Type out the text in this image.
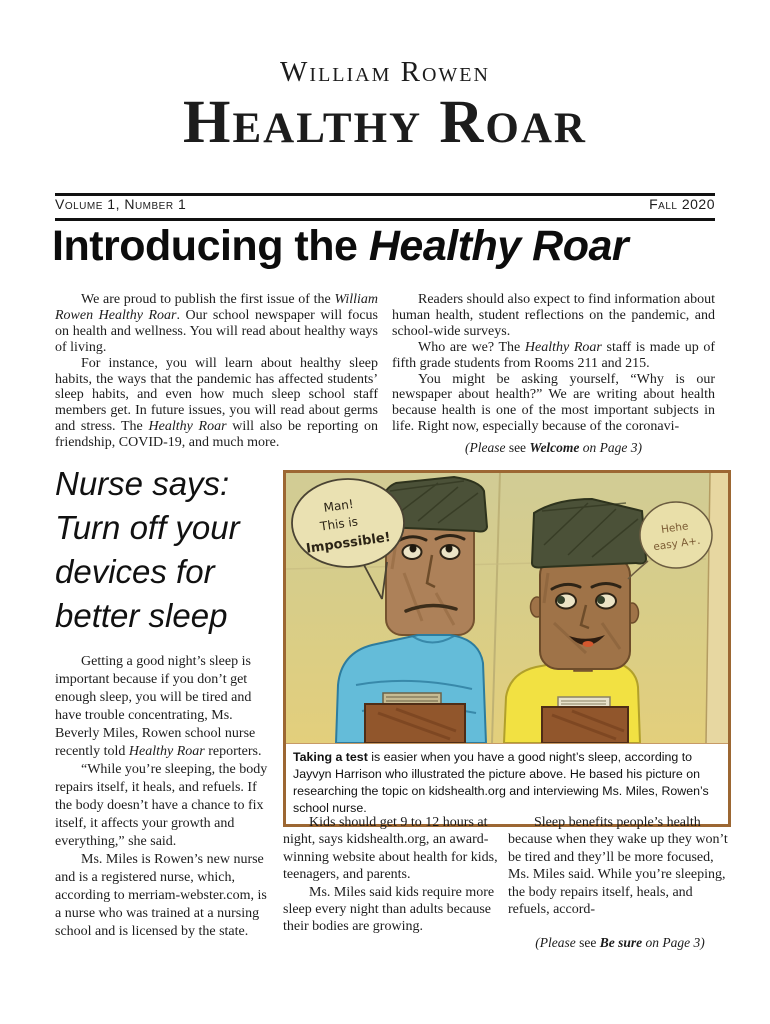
William Rowen
Healthy Roar
Volume 1, Number 1	Fall 2020
Introducing the Healthy Roar

We are proud to publish the first issue of the William Rowen Healthy Roar. Our school newspaper will focus on health and wellness. You will read about healthy ways of living.

For instance, you will learn about healthy sleep habits, the ways that the pandemic has affected students’ sleep habits, and even how much sleep school staff members get. In future issues, you will read about germs and stress. The Healthy Roar will also be reporting on friendship, COVID-19, and much more.

Readers should also expect to find information about human health, student reflections on the pandemic, and school-wide surveys.

Who are we? The Healthy Roar staff is made up of fifth grade students from Rooms 211 and 215.

You might be asking yourself, “Why is our newspaper about health?” We are writing about health because health is one of the most important subjects in life. Right now, especially because of the coronavi-

(Please see Welcome on Page 3)

Nurse says:
Turn off your
devices for
better sleep

Getting a good night’s sleep is important because if you don’t get enough sleep, you will be tired and have trouble concentrating, Ms. Beverly Miles, Rowen school nurse recently told Healthy Roar reporters.

“While you’re sleeping, the body repairs itself, it heals, and refuels. If the body doesn’t have a chance to fix itself, it affects your growth and everything,” she said.

Ms. Miles is Rowen’s new nurse and is a registered nurse, which, according to merriam-webster.com, is a nurse who was trained at a nursing school and is licensed by the state.

Man!
This is
Impossible!
Hehe
easy A+.
Taking a test is easier when you have a good night’s sleep, according to Jayvyn Harrison who illustrated the picture above. He based his picture on researching the topic on kidshealth.org and interviewing Ms. Miles, Rowen’s school nurse.

Kids should get 9 to 12 hours at night, says kidshealth.org, an award-winning website about health for kids, teenagers, and parents.

Ms. Miles said kids require more sleep every night than adults because their bodies are growing.

Sleep benefits people’s health because when they wake up they won’t be tired and they’ll be more focused, Ms. Miles said. While you’re sleeping, the body repairs itself, heals, and refuels, accord-

(Please see Be sure on Page 3)
